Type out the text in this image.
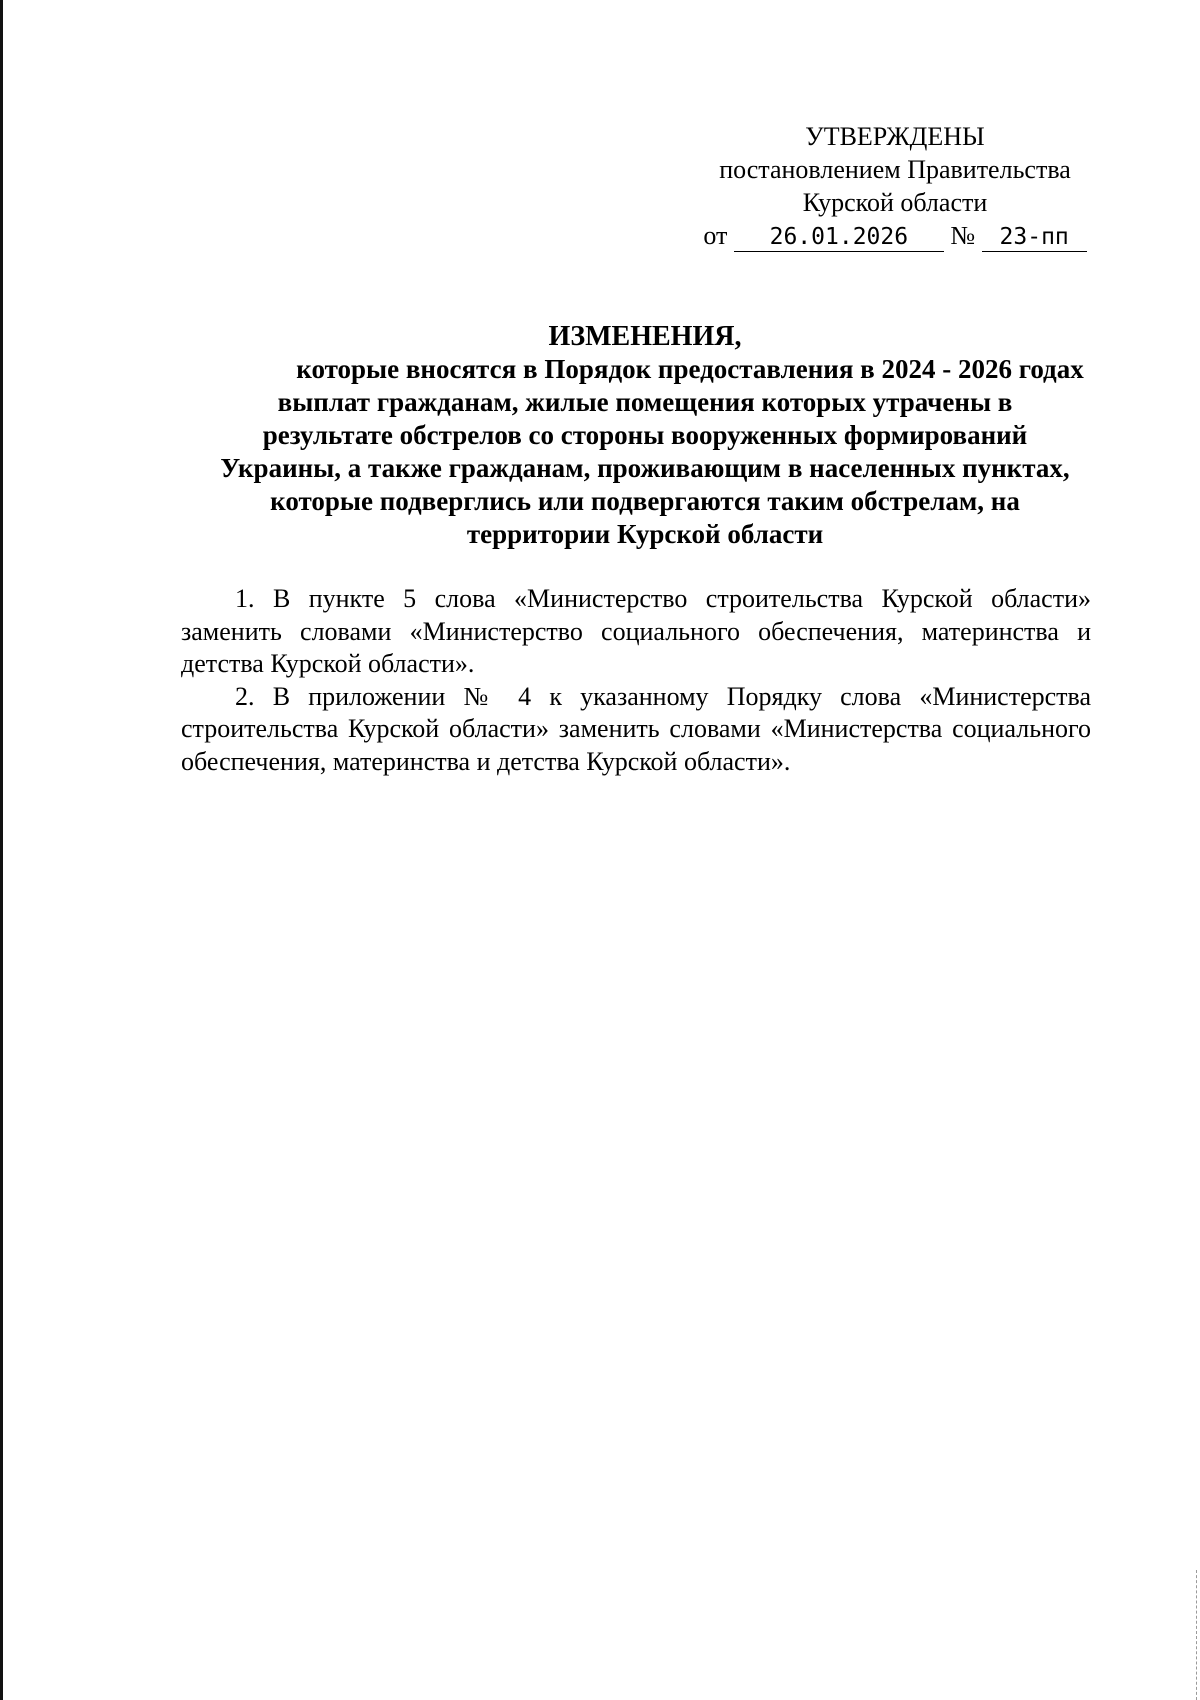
УТВЕРЖДЕНЫ
постановлением Правительства
Курской области
от 26.01.2026 № 23-пп
ИЗМЕНЕНИЯ,
которые вносятся в Порядок предоставления в 2024 - 2026 годах
выплат гражданам, жилые помещения которых утрачены в
результате обстрелов со стороны вооруженных формирований
Украины, а также гражданам, проживающим в населенных пунктах,
которые подверглись или подвергаются таким обстрелам, на
территории Курской области

1. В пункте 5 слова «Министерство строительства Курской области» заменить словами «Министерство социального обеспечения, материнства и детства Курской области».

2. В приложении № 4 к указанному Порядку слова «Министерства строительства Курской области» заменить словами «Министерства социального обеспечения, материнства и детства Курской области».
